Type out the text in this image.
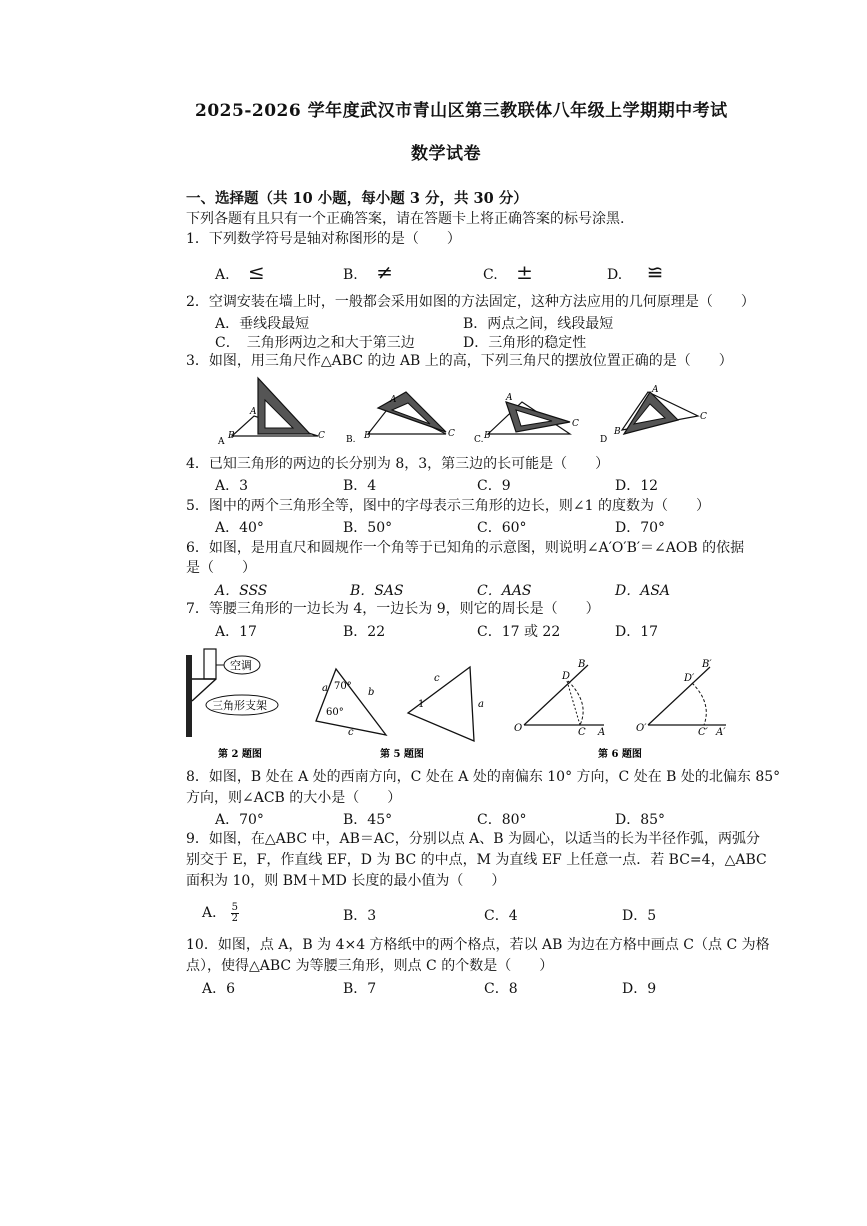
2025-2026 学年度武汉市青山区第三教联体八年级上学期期中考试
数学试卷
一、选择题（共 10 小题，每小题 3 分，共 30 分）
下列各题有且只有一个正确答案，请在答题卡上将正确答案的标号涂黑.
1．下列数学符号是轴对称图形的是（　　）
A. ≤	B. ≠	C. ±	D. ≌
2．空调安装在墙上时，一般都会采用如图的方法固定，这种方法应用的几何原理是（　　）
A．垂线段最短	B．两点之间，线段最短
C．　三角形两边之和大于第三边	D．三角形的稳定性
3．如图，用三角尺作△ABC 的边 AB 上的高，下列三角尺的摆放位置正确的是（　　）
A
B	C
A
B. B	C
A
C.
A
C
B	D
A
C
B
4．已知三角形的两边的长分别为 8，3，第三边的长可能是（　　）
A．3	B．4	C．9	D．12
5．图中的两个三角形全等，图中的字母表示三角形的边长，则∠1 的度数为（　　）
A．40°	B．50°	C．60°	D．70°
6．如图，是用直尺和圆规作一个角等于已知角的示意图，则说明∠A′O′B′＝∠AOB 的依据
是（　　）
A．SSS	B．SAS	C．AAS	D．ASA
7．等腰三角形的一边长为 4，一边长为 9，则它的周长是（　　）
A．17	B．22	C．17 或 22	D．17
空调
三角形支架
第 2 题图
a	b
c
70°
60°
c
a
1
第 5 题图
O	A
C
B
D
O′	A′
C′
B′
D′
第 6 题图
8．如图，B 处在 A 处的西南方向，C 处在 A 处的南偏东 10° 方向，C 处在 B 处的北偏东 85°
方向，则∠ACB 的大小是（　　）
A．70°	B．45°	C．80°	D．85°
9．如图，在△ABC 中，AB＝AC，分别以点 A、B 为圆心，以适当的长为半径作弧，两弧分
别交于 E，F，作直线 EF，D 为 BC 的中点，M 为直线 EF 上任意一点．若 BC=4，△ABC
面积为 10，则 BM＋MD 长度的最小值为（　　）
A． $\frac{5}{2}$	B．3	C．4	D．5
10．如图，点 A，B 为 4×4 方格纸中的两个格点，若以 AB 为边在方格中画点 C（点 C 为格
点），使得△ABC 为等腰三角形，则点 C 的个数是（　　）
A．6	B．7	C．8	D．9
